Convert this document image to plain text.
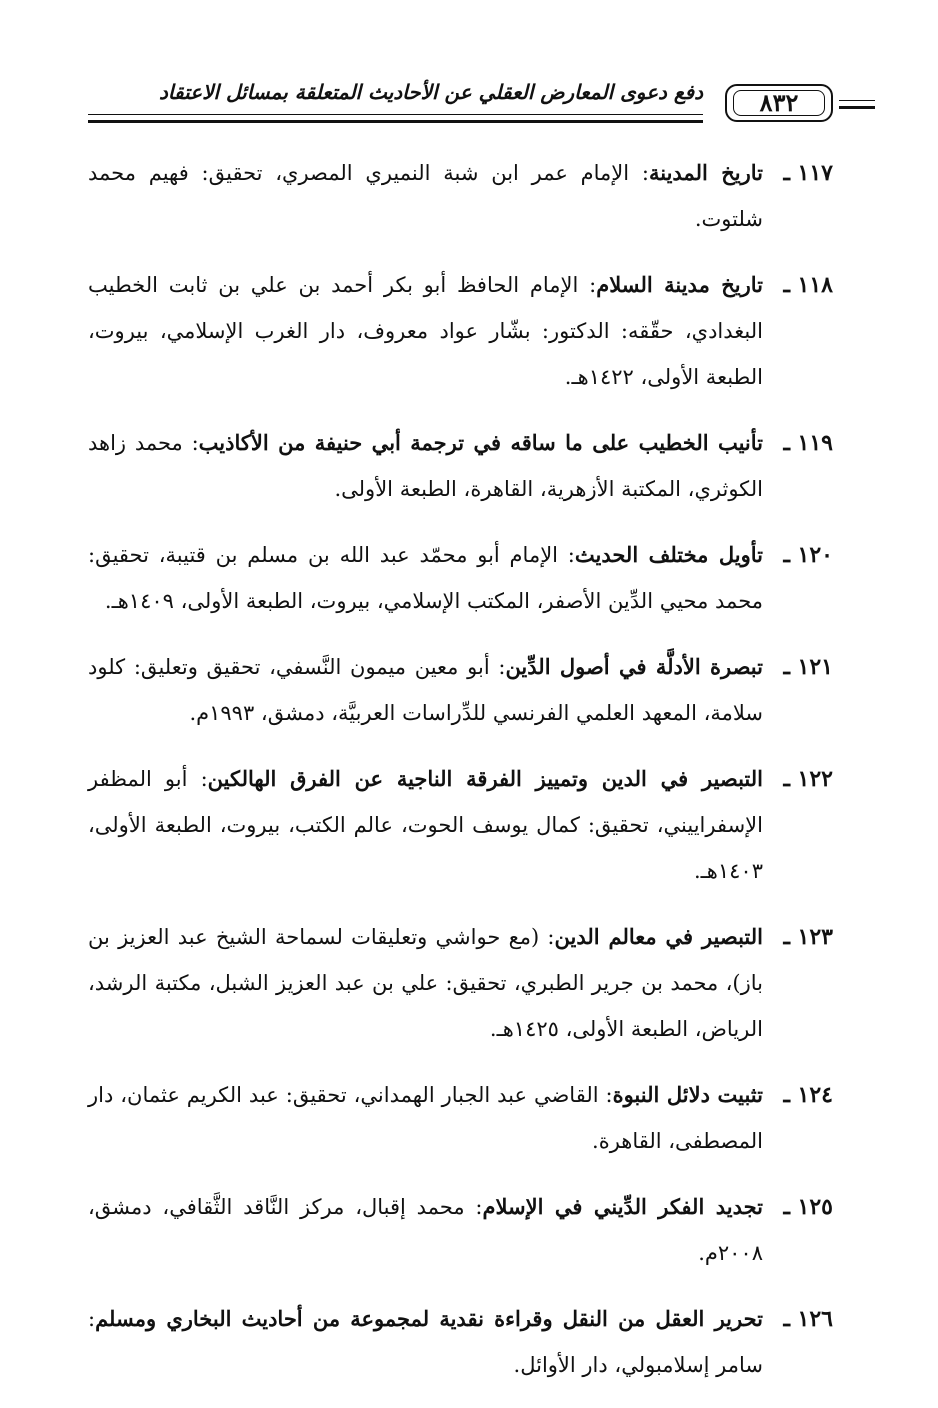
٨٣٢
دفع دعوى المعارض العقلي عن الأحاديث المتعلقة بمسائل الاعتقاد
١١٧ ـ
تاريخ المدينة: الإمام عمر ابن شبة النميري المصري، تحقيق: فهيم محمد شلتوت.
١١٨ ـ
تاريخ مدينة السلام: الإمام الحافظ أبو بكر أحمد بن علي بن ثابت الخطيب البغدادي، حقّقه: الدكتور: بشّار عواد معروف، دار الغرب الإسلامي، بيروت، الطبعة الأولى، ١٤٢٢هـ.
١١٩ ـ
تأنيب الخطيب على ما ساقه في ترجمة أبي حنيفة من الأكاذيب: محمد زاهد الكوثري، المكتبة الأزهرية، القاهرة، الطبعة الأولى.
١٢٠ ـ
تأويل مختلف الحديث: الإمام أبو محمّد عبد الله بن مسلم بن قتيبة، تحقيق: محمد محيي الدِّين الأصفر، المكتب الإسلامي، بيروت، الطبعة الأولى، ١٤٠٩هـ.
١٢١ ـ
تبصرة الأدلَّة في أصول الدِّين: أبو معين ميمون النَّسفي، تحقيق وتعليق: كلود سلامة، المعهد العلمي الفرنسي للدِّراسات العربيَّة، دمشق، ١٩٩٣م.
١٢٢ ـ
التبصير في الدين وتمييز الفرقة الناجية عن الفرق الهالكين: أبو المظفر الإسفراييني، تحقيق: كمال يوسف الحوت، عالم الكتب، بيروت، الطبعة الأولى، ١٤٠٣هـ.
١٢٣ ـ
التبصير في معالم الدين: (مع حواشي وتعليقات لسماحة الشيخ عبد العزيز بن باز)، محمد بن جرير الطبري، تحقيق: علي بن عبد العزيز الشبل، مكتبة الرشد، الرياض، الطبعة الأولى، ١٤٢٥هـ.
١٢٤ ـ
تثبيت دلائل النبوة: القاضي عبد الجبار الهمداني، تحقيق: عبد الكريم عثمان، دار المصطفى، القاهرة.
١٢٥ ـ
تجديد الفكر الدِّيني في الإسلام: محمد إقبال، مركز النَّاقد الثَّقافي، دمشق، ٢٠٠٨م.
١٢٦ ـ
تحرير العقل من النقل وقراءة نقدية لمجموعة من أحاديث البخاري ومسلم: سامر إسلامبولي، دار الأوائل.
